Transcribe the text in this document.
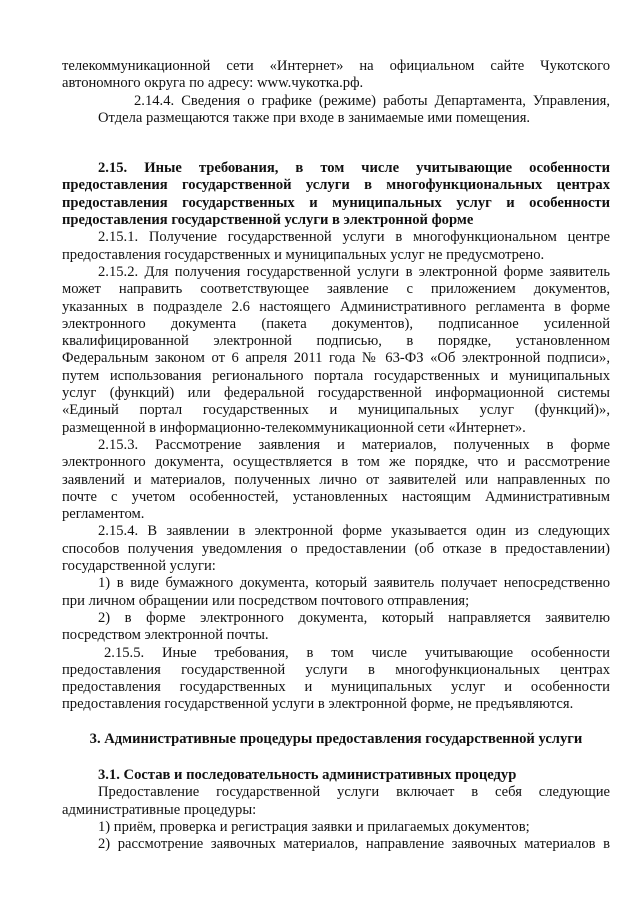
телекоммуникационной сети «Интернет» на официальном сайте Чукотского
автономного округа по адресу: www.чукотка.рф.

2.14.4. Сведения о графике (режиме) работы Департамента, Управления,
Отдела размещаются также при входе в занимаемые ими помещения.

2.15. Иные требования, в том числе учитывающие особенности
предоставления государственной услуги в многофункциональных центрах
предоставления государственных и муниципальных услуг и особенности
предоставления государственной услуги в электронной форме

2.15.1. Получение государственной услуги в многофункциональном центре
предоставления государственных и муниципальных услуг не предусмотрено.

2.15.2. Для получения государственной услуги в электронной форме заявитель
может направить соответствующее заявление с приложением документов,
указанных в подразделе 2.6 настоящего Административного регламента в форме
электронного документа (пакета документов), подписанное усиленной
квалифицированной электронной подписью, в порядке, установленном
Федеральным законом от 6 апреля 2011 года № 63-ФЗ «Об электронной подписи»,
путем использования регионального портала государственных и муниципальных
услуг (функций) или федеральной государственной информационной системы
«Единый портал государственных и муниципальных услуг (функций)»,
размещенной в информационно-телекоммуникационной сети «Интернет».

2.15.3. Рассмотрение заявления и материалов, полученных в форме
электронного документа, осуществляется в том же порядке, что и рассмотрение
заявлений и материалов, полученных лично от заявителей или направленных по
почте с учетом особенностей, установленных настоящим Административным
регламентом.

2.15.4. В заявлении в электронной форме указывается один из следующих
способов получения уведомления о предоставлении (об отказе в предоставлении)
государственной услуги:

1) в виде бумажного документа, который заявитель получает непосредственно
при личном обращении или посредством почтового отправления;

2) в форме электронного документа, который направляется заявителю
посредством электронной почты.

2.15.5. Иные требования, в том числе учитывающие особенности
предоставления государственной услуги в многофункциональных центрах
предоставления государственных и муниципальных услуг и особенности
предоставления государственной услуги в электронной форме, не предъявляются.

3. Административные процедуры предоставления государственной услуги

3.1. Состав и последовательность административных процедур

Предоставление государственной услуги включает в себя следующие
административные процедуры:

1) приём, проверка и регистрация заявки и прилагаемых документов;

2) рассмотрение заявочных материалов, направление заявочных материалов в
